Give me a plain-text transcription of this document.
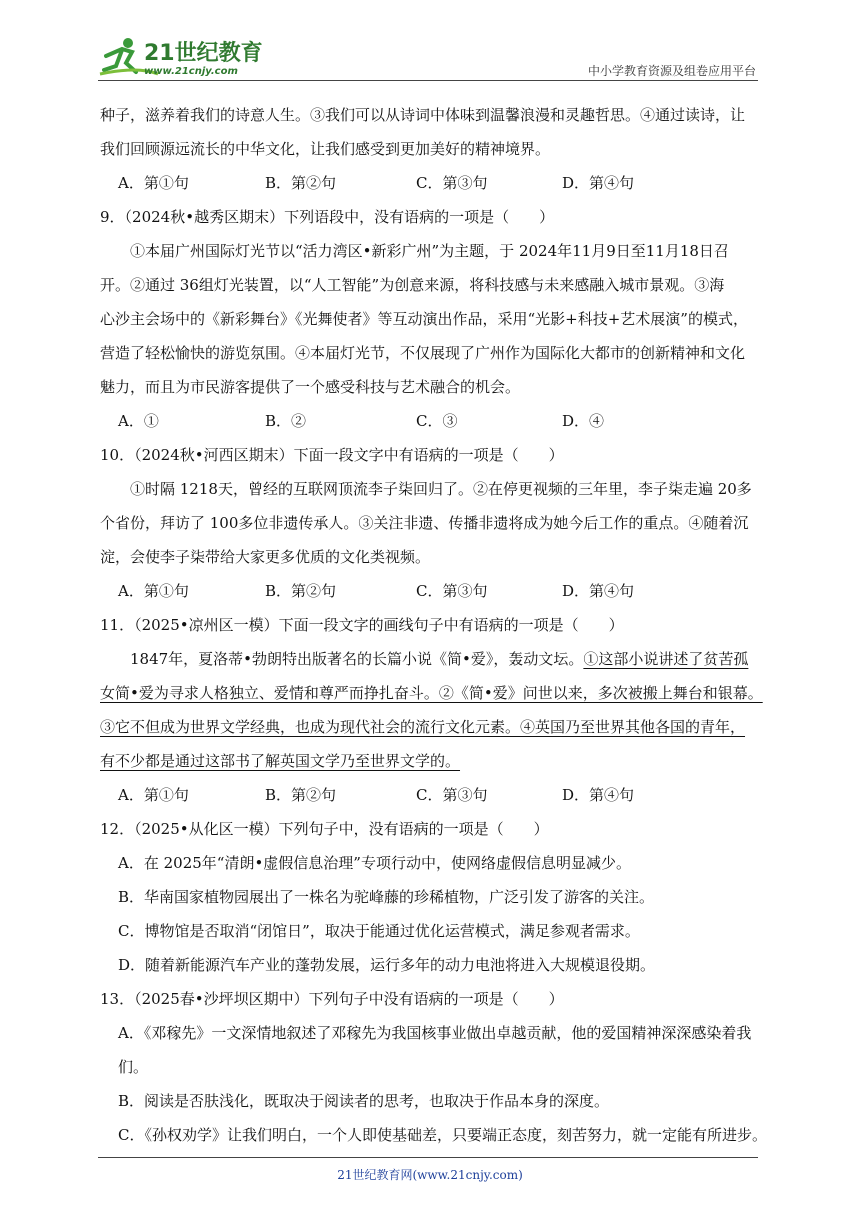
21世纪教育
www.21cnjy.com	中小学教育资源及组卷应用平台
种子，滋养着我们的诗意人生。③我们可以从诗词中体味到温馨浪漫和灵趣哲思。④通过读诗，让
我们回顾源远流长的中华文化，让我们感受到更加美好的精神境界。
A．第①句	B．第②句	C．第③句	D．第④句
9．（2024秋•越秀区期末）下列语段中，没有语病的一项是（　　）
①本届广州国际灯光节以“活力湾区•新彩广州”为主题，于 2024年11月9日至11月18日召
开。②通过 36组灯光装置，以“人工智能”为创意来源，将科技感与未来感融入城市景观。③海
心沙主会场中的《新彩舞台》《光舞使者》等互动演出作品，采用“光影+科技+艺术展演”的模式，
营造了轻松愉快的游览氛围。④本届灯光节，不仅展现了广州作为国际化大都市的创新精神和文化
魅力，而且为市民游客提供了一个感受科技与艺术融合的机会。
A．①	B．②	C．③	D．④
10．（2024秋•河西区期末）下面一段文字中有语病的一项是（　　）
①时隔 1218天，曾经的互联网顶流李子柒回归了。②在停更视频的三年里，李子柒走遍 20多
个省份，拜访了 100多位非遗传承人。③关注非遗、传播非遗将成为她今后工作的重点。④随着沉
淀，会使李子柒带给大家更多优质的文化类视频。
A．第①句	B．第②句	C．第③句	D．第④句
11．（2025•凉州区一模）下面一段文字的画线句子中有语病的一项是（　　）
1847年，夏洛蒂•勃朗特出版著名的长篇小说《简•爱》，轰动文坛。①这部小说讲述了贫苦孤
女简•爱为寻求人格独立、爱情和尊严而挣扎奋斗。②《简•爱》问世以来，多次被搬上舞台和银幕。
③它不但成为世界文学经典，也成为现代社会的流行文化元素。④英国乃至世界其他各国的青年，
有不少都是通过这部书了解英国文学乃至世界文学的。
A．第①句	B．第②句	C．第③句	D．第④句
12．（2025•从化区一模）下列句子中，没有语病的一项是（　　）
A．在 2025年“清朗•虚假信息治理”专项行动中，使网络虚假信息明显减少。
B．华南国家植物园展出了一株名为驼峰藤的珍稀植物，广泛引发了游客的关注。
C．博物馆是否取消“闭馆日”，取决于能通过优化运营模式，满足参观者需求。
D．随着新能源汽车产业的蓬勃发展，运行多年的动力电池将进入大规模退役期。
13．（2025春•沙坪坝区期中）下列句子中没有语病的一项是（　　）
A．《邓稼先》一文深情地叙述了邓稼先为我国核事业做出卓越贡献，他的爱国精神深深感染着我
们。
B．阅读是否肤浅化，既取决于阅读者的思考，也取决于作品本身的深度。
C．《孙权劝学》让我们明白，一个人即使基础差，只要端正态度，刻苦努力，就一定能有所进步。
21世纪教育网(www.21cnjy.com)
